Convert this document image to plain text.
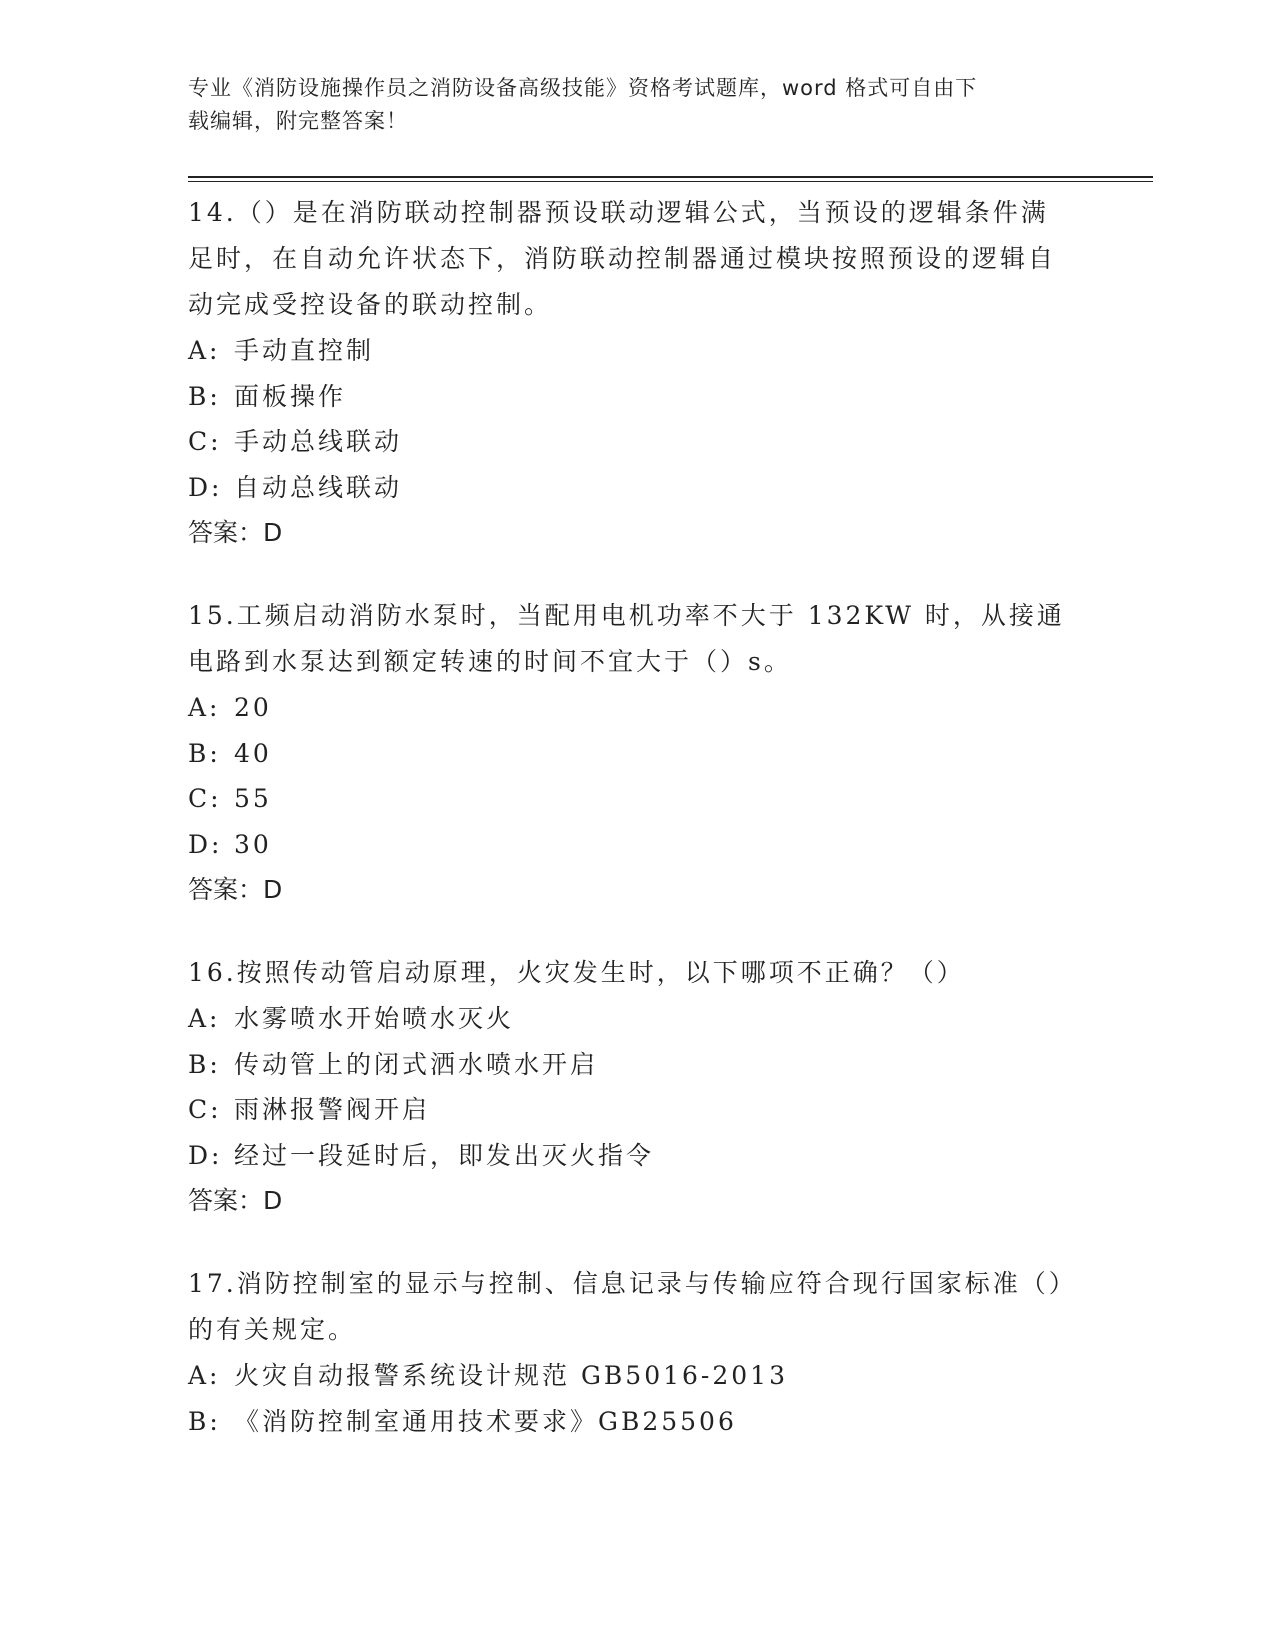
专业《消防设施操作员之消防设备高级技能》资格考试题库，word 格式可自由下
载编辑，附完整答案！
14.（）是在消防联动控制器预设联动逻辑公式，当预设的逻辑条件满足时，在自动允许状态下，消防联动控制器通过模块按照预设的逻辑自动完成受控设备的联动控制。
A: 手动直控制
B: 面板操作
C: 手动总线联动
D: 自动总线联动
答案：D
15.工频启动消防水泵时，当配用电机功率不大于 132KW 时，从接通电路到水泵达到额定转速的时间不宜大于（）s。
A: 20
B: 40
C: 55
D: 30
答案：D
16.按照传动管启动原理，火灾发生时，以下哪项不正确？（）
A: 水雾喷水开始喷水灭火
B: 传动管上的闭式洒水喷水开启
C: 雨淋报警阀开启
D: 经过一段延时后，即发出灭火指令
答案：D
17.消防控制室的显示与控制、信息记录与传输应符合现行国家标准（）的有关规定。
A: 火灾自动报警系统设计规范 GB5016-2013
B: 《消防控制室通用技术要求》GB25506
